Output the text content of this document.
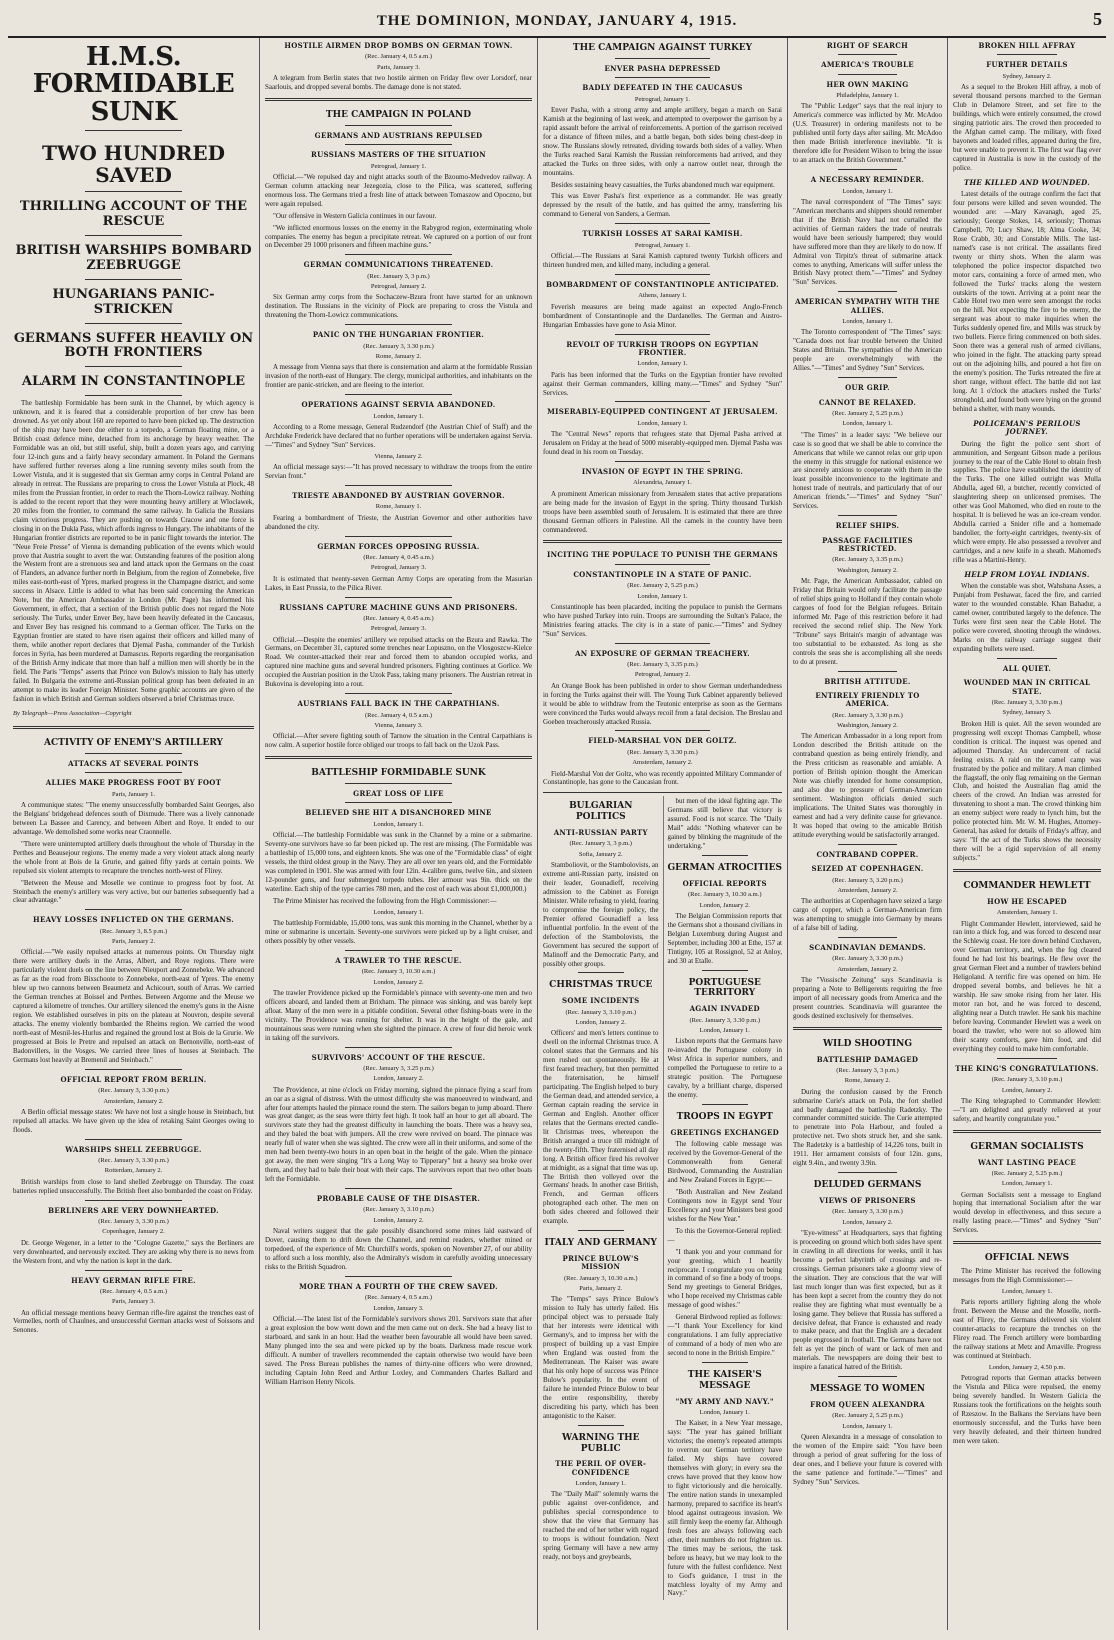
THE DOMINION, MONDAY, JANUARY 4, 1915.	5
H.M.S. FORMIDABLE SUNK
TWO HUNDRED SAVED
THRILLING ACCOUNT OF THE RESCUE
BRITISH WARSHIPS BOMBARD ZEEBRUGGE
HUNGARIANS PANIC-STRICKEN
GERMANS SUFFER HEAVILY ON BOTH FRONTIERS
ALARM IN CONSTANTINOPLE
The battleship Formidable has been sunk in the Channel, by which agency is unknown, and it is feared that a considerable proportion of her crew has been drowned. As yet only about 160 are reported to have been picked up. The destruction of the ship may have been due either to a torpedo, a German floating mine, or a British coast defence mine, detached from its anchorage by heavy weather. The Formidable was an old, but still useful, ship, built a dozen years ago, and carrying four 12-inch guns and a fairly heavy secondary armament. In Poland the Germans have suffered further reverses along a line running seventy miles south from the Lower Vistula, and it is suggested that six German army corps in Central Poland are already in retreat. The Russians are preparing to cross the Lower Vistula at Plock, 48 miles from the Prussian frontier, in order to reach the Thorn-Lowicz railway. Nothing is added to the recent report that they were mounting heavy artillery at Wloclawek, 20 miles from the frontier, to command the same railway. In Galicia the Russians claim victorious progress. They are pushing on towards Cracow and one force is closing in on the Dukla Pass, which affords ingress to Hungary. The inhabitants of the Hungarian frontier districts are reported to be in panic flight towards the interior. The "Neue Freie Presse" of Vienna is demanding publication of the events which would prove that Austria sought to avert the war. Outstanding features of the position along the Western front are a strenuous sea and land attack upon the Germans on the coast of Flanders, an advance further north in Belgium, from the region of Zonnebeke, five miles east-north-east of Ypres, marked progress in the Champagne district, and some success in Alsace. Little is added to what has been said concerning the American Note, but the American Ambassador in London (Mr. Page) has informed his Government, in effect, that a section of the British public does not regard the Note seriously. The Turks, under Enver Bey, have been heavily defeated in the Caucasus, and Enver Bey has resigned his command to a German officer. The Turks on the Egyptian frontier are stated to have risen against their officers and killed many of them, while another report declares that Djemal Pasha, commander of the Turkish forces in Syria, has been murdered at Damascus. Reports regarding the reorganisation of the British Army indicate that more than half a million men will shortly be in the field. The Paris "Temps" asserts that Prince von Bulow's mission to Italy has utterly failed. In Bulgaria the extreme anti-Russian political group has been defeated in an attempt to make its leader Foreign Minister. Some graphic accounts are given of the fashion in which British and German soldiers observed a brief Christmas truce.
By Telegraph—Press Association—Copyright
ACTIVITY OF ENEMY'S ARTILLERY
ATTACKS AT SEVERAL POINTS
ALLIES MAKE PROGRESS FOOT BY FOOT
Paris, January 1.
A communique states: "The enemy unsuccessfully bombarded Saint Georges, also the Belgians' bridgehead defences south of Dixmude. There was a lively cannonade between La Bassee and Carency, and between Albert and Roye. It ended to our advantage. We demolished some works near Craonnelle.
"There were uninterrupted artillery duels throughout the whole of Thursday in the Perthes and Beausejour regions. The enemy made a very violent attack along nearly the whole front at Bois de la Grurie, and gained fifty yards at certain points. We repulsed six violent attempts to recapture the trenches north-west of Flirey.
"Between the Meuse and Moselle we continue to progress foot by foot. At Steinbach the enemy's artillery was very active, but our batteries subsequently had a clear advantage."
HEAVY LOSSES INFLICTED ON THE GERMANS.
(Rec. January 3, 8.5 p.m.)
Paris, January 2.
Official.—"We easily repulsed attacks at numerous points. On Thursday night there were artillery duels in the Arras, Albert, and Roye regions. There were particularly violent duels on the line between Nieuport and Zonnebeke. We advanced as far as the road from Bixschoote to Zonnebeke, north-east of Ypres. The enemy blew up two cannons between Beaumetz and Achicourt, south of Arras. We carried the German trenches at Boissel and Perthes. Between Argonne and the Meuse we captured a kilometre of trenches. Our artillery silenced the enemy's guns in the Aisne region. We established ourselves in pits on the plateau at Nouvron, despite several attacks. The enemy violently bombarded the Rheims region. We carried the wood north-east of Mesnil-les-Hurlus and regained the ground lost at Bois de la Grurie. We progressed at Bois le Pretre and repulsed an attack on Bernonville, north-east of Badonvillers, in the Vosges. We carried three lines of houses at Steinbach. The Germans lost heavily at Bremenil and Steinbach."
OFFICIAL REPORT FROM BERLIN.
(Rec. January 3, 3.30 p.m.)
Amsterdam, January 2.
A Berlin official message states: We have not lost a single house in Steinbach, but repulsed all attacks. We have given up the idea of retaking Saint Georges owing to floods.
WARSHIPS SHELL ZEEBRUGGE.
(Rec. January 3, 3.30 p.m.)
Rotterdam, January 2.
British warships from close to land shelled Zeebrugge on Thursday. The coast batteries replied unsuccessfully. The British fleet also bombarded the coast on Friday.
BERLINERS ARE VERY DOWNHEARTED.
(Rec. January 3, 3.30 p.m.)
Copenhagen, January 2.
Dr. George Wegener, in a letter to the "Cologne Gazette," says the Berliners are very downhearted, and nervously excited. They are asking why there is no news from the Western front, and why the nation is kept in the dark.
HEAVY GERMAN RIFLE FIRE.
(Rec. January 4, 0.5 a.m.)
Paris, January 3.
An official message mentions heavy German rifle-fire against the trenches east of Vermelles, north of Chaulnes, and unsuccessful German attacks west of Soissons and Senones.
HOSTILE AIRMEN DROP BOMBS ON GERMAN TOWN.
(Rec. January 4, 0.5 a.m.)
Paris, January 3.
A telegram from Berlin states that two hostile airmen on Friday flew over Lorsdorf, near Saarlouis, and dropped several bombs. The damage done is not stated.
THE CAMPAIGN IN POLAND
GERMANS AND AUSTRIANS REPULSED
RUSSIANS MASTERS OF THE SITUATION
Petrograd, January 1.
Official.—"We repulsed day and night attacks south of the Bzoumo-Medvedov railway. A German column attacking near Jezegozia, close to the Pilica, was scattered, suffering enormous loss. The Germans tried a fresh line of attack between Tomaszow and Opoczno, but were again repulsed.
"Our offensive in Western Galicia continues in our favour.
"We inflicted enormous losses on the enemy in the Rabygrod region, exterminating whole companies. The enemy has begun a precipitate retreat. We captured on a portion of our front on December 29 1000 prisoners and fifteen machine guns."
GERMAN COMMUNICATIONS THREATENED.
(Rec. January 3, 3 p.m.)
Petrograd, January 2.
Six German army corps from the Sochaczew-Bzura front have started for an unknown destination. The Russians in the vicinity of Plock are preparing to cross the Vistula and threatening the Thorn-Lowicz communications.
PANIC ON THE HUNGARIAN FRONTIER.
(Rec. January 3, 3.30 p.m.)
Rome, January 2.
A message from Vienna says that there is consternation and alarm at the formidable Russian invasion of the north-east of Hungary. The clergy, municipal authorities, and inhabitants on the frontier are panic-stricken, and are fleeing to the interior.
OPERATIONS AGAINST SERVIA ABANDONED.
London, January 1.
According to a Rome message, General Rudzendorf (the Austrian Chief of Staff) and the Archduke Frederick have declared that no further operations will be undertaken against Servia.—"Times" and Sydney "Sun" Services.
Vienna, January 2.
An official message says:—"It has proved necessary to withdraw the troops from the entire Servian front."
TRIESTE ABANDONED BY AUSTRIAN GOVERNOR.
Rome, January 1.
Fearing a bombardment of Trieste, the Austrian Governor and other authorities have abandoned the city.
GERMAN FORCES OPPOSING RUSSIA.
(Rec. January 4, 0.45 a.m.)
Petrograd, January 3.
It is estimated that twenty-seven German Army Corps are operating from the Masurian Lakes, in East Prussia, to the Pilica River.
RUSSIANS CAPTURE MACHINE GUNS AND PRISONERS.
(Rec. January 4, 0.45 a.m.)
Petrograd, January 3.
Official.—Despite the enemies' artillery we repulsed attacks on the Bzura and Rawka. The Germans, on December 31, captured some trenches near Lopuszno, on the Vlosgoszcw-Kielce Road. We counter-attacked their rear and forced them to abandon occupied works, and captured nine machine guns and several hundred prisoners. Fighting continues at Gorlice. We occupied the Austrian position in the Uzok Pass, taking many prisoners. The Austrian retreat in Bukovina is developing into a rout.
AUSTRIANS FALL BACK IN THE CARPATHIANS.
(Rec. January 4, 0.5 a.m.)
Vienna, January 3.
Official.—After severe fighting south of Tarnow the situation in the Central Carpathians is now calm. A superior hostile force obliged our troops to fall back on the Uzok Pass.
BATTLESHIP FORMIDABLE SUNK
GREAT LOSS OF LIFE
BELIEVED SHE HIT A DISANCHORED MINE
London, January 1.
Official.—The battleship Formidable was sunk in the Channel by a mine or a submarine. Seventy-one survivors have so far been picked up. The rest are missing. (The Formidable was a battleship of 15,000 tons, and eighteen knots. She was one of the "Formidable class" of eight vessels, the third oldest group in the Navy. They are all over ten years old, and the Formidable was completed in 1901. She was armed with four 12in. 4-calibre guns, twelve 6in., and sixteen 12-pounder guns, and four submerged torpedo tubes. Her armour was 9in. thick on the waterline. Each ship of the type carries 780 men, and the cost of each was about £1,000,000.)
The Prime Minister has received the following from the High Commissioner:—
London, January 1.
The battleship Formidable, 15,000 tons, was sunk this morning in the Channel, whether by a mine or submarine is uncertain. Seventy-one survivors were picked up by a light cruiser, and others possibly by other vessels.
A TRAWLER TO THE RESCUE.
(Rec. January 3, 10.30 a.m.)
London, January 2.
The trawler Providence picked up the Formidable's pinnace with seventy-one men and two officers aboard, and landed them at Brixham. The pinnace was sinking, and was barely kept afloat. Many of the men were in a pitiable condition. Several other fishing-boats were in the vicinity. The Providence was running for shelter. It was in the height of the gale, and mountainous seas were running when she sighted the pinnace. A crew of four did heroic work in taking off the survivors.
SURVIVORS' ACCOUNT OF THE RESCUE.
(Rec. January 3, 3.25 p.m.)
London, January 2.
The Providence, at nine o'clock on Friday morning, sighted the pinnace flying a scarf from an oar as a signal of distress. With the utmost difficulty she was manoeuvred to windward, and after four attempts hauled the pinnace round the stern. The sailors began to jump aboard. There was great danger, as the seas were thirty feet high. It took half an hour to get all aboard. The survivors state they had the greatest difficulty in launching the boats. There was a heavy sea, and they baled the boat with jumpers. All the crew were revived on board. The pinnace was nearly full of water when she was sighted. The crew were all in their uniforms, and some of the men had been twenty-two hours in an open boat in the height of the gale. When the pinnace got away, the men were singing "It's a Long Way to Tipperary" but a heavy sea broke over them, and they had to bale their boat with their caps. The survivors report that two other boats left the Formidable.
PROBABLE CAUSE OF THE DISASTER.
(Rec. January 3, 3.10 p.m.)
London, January 2.
Naval writers suggest that the gale possibly disanchored some mines laid eastward of Dover, causing them to drift down the Channel, and remind readers, whether mined or torpedoed, of the experience of Mr. Churchill's words, spoken on November 27, of our ability to afford such a loss monthly, also the Admiralty's wisdom in carefully avoiding unnecessary risks to the British Squadron.
MORE THAN A FOURTH OF THE CREW SAVED.
(Rec. January 4, 0.5 a.m.)
London, January 3.
Official.—The latest list of the Formidable's survivors shows 201. Survivors state that after a great explosion the bow went down and the men came out on deck. She had a heavy list to starboard, and sank in an hour. Had the weather been favourable all would have been saved. Many plunged into the sea and were picked up by the boats. Darkness made rescue work difficult. A number of travellers recommended the captain otherwise two would have been saved. The Press Bureau publishes the names of thirty-nine officers who were drowned, including Captain John Reed and Arthur Loxley, and Commanders Charles Ballard and William Harrison Henry Nicols.
THE CAMPAIGN AGAINST TURKEY
ENVER PASHA DEPRESSED
BADLY DEFEATED IN THE CAUCASUS
Petrograd, January 1.
Enver Pasha, with a strong army and ample artillery, began a march on Sarai Kamish at the beginning of last week, and attempted to overpower the garrison by a rapid assault before the arrival of reinforcements. A portion of the garrison received for a distance of fifteen miles, and a battle began, both sides being chest-deep in snow. The Russians slowly retreated, dividing towards both sides of a valley. When the Turks reached Sarai Kamish the Russian reinforcements had arrived, and they attacked the Turks on three sides, with only a narrow outlet near, through the mountains.
Besides sustaining heavy casualties, the Turks abandoned much war equipment.
This was Enver Pasha's first experience as a commander. He was greatly depressed by the result of the battle, and has quitted the army, transferring his command to General von Sanders, a German.
TURKISH LOSSES AT SARAI KAMISH.
Petrograd, January 1.
Official.—The Russians at Sarai Kamish captured twenty Turkish officers and thirteen hundred men, and killed many, including a general.
BOMBARDMENT OF CONSTANTINOPLE ANTICIPATED.
Athens, January 1.
Feverish measures are being made against an expected Anglo-French bombardment of Constantinople and the Dardanelles. The German and Austro-Hungarian Embassies have gone to Asia Minor.
REVOLT OF TURKISH TROOPS ON EGYPTIAN FRONTIER.
London, January 1.
Paris has been informed that the Turks on the Egyptian frontier have revolted against their German commanders, killing many.—"Times" and Sydney "Sun" Services.
MISERABLY-EQUIPPED CONTINGENT AT JERUSALEM.
London, January 1.
The "Central News" reports that refugees state that Djemal Pasha arrived at Jerusalem on Friday at the head of 5000 miserably-equipped men. Djemal Pasha was found dead in his room on Tuesday.
INVASION OF EGYPT IN THE SPRING.
Alexandria, January 1.
A prominent American missionary from Jerusalem states that active preparations are being made for the invasion of Egypt in the spring. Thirty thousand Turkish troops have been assembled south of Jerusalem. It is estimated that there are three thousand German officers in Palestine. All the camels in the country have been commandeered.
INCITING THE POPULACE TO PUNISH THE GERMANS
CONSTANTINOPLE IN A STATE OF PANIC.
(Rec. January 2, 5.25 p.m.)
London, January 1.
Constantinople has been placarded, inciting the populace to punish the Germans who have pushed Turkey into ruin. Troops are surrounding the Sultan's Palace, the Ministries fearing attacks. The city is in a state of panic.—"Times" and Sydney "Sun" Services.
AN EXPOSURE OF GERMAN TREACHERY.
(Rec. January 3, 3.35 p.m.)
Petrograd, January 2.
An Orange Book has been published in order to show German underhandedness in forcing the Turks against their will. The Young Turk Cabinet apparently believed it would be able to withdraw from the Teutonic enterprise as soon as the Germans were convinced the Turks would always recoil from a fatal decision. The Breslau and Goeben treacherously attacked Russia.
FIELD-MARSHAL VON DER GOLTZ.
(Rec. January 3, 3.30 p.m.)
Amsterdam, January 2.
Field-Marshal Von der Goltz, who was recently appointed Military Commander of Constantinople, has gone to the Caucasian front.
BULGARIAN POLITICS
ANTI-RUSSIAN PARTY
(Rec. January 3, 3 p.m.)
Sofia, January 2.
Stamboliovit, or the Stambolovists, an extreme anti-Russian party, insisted on their leader, Gounadieff, receiving admission to the Cabinet as Foreign Minister. While refusing to yield, fearing to compromise the foreign policy, the Premier offered Gounadieff a less influential portfolio. In the event of the defection of the Stambolovists, the Government has secured the support of Malinoff and the Democratic Party, and possibly other groups.
CHRISTMAS TRUCE
SOME INCIDENTS
(Rec. January 3, 3.10 p.m.)
London, January 2.
Officers' and men's letters continue to dwell on the informal Christmas truce. A colonel states that the Germans and his men rushed out spontaneously. He at first feared treachery, but then permitted the fraternisation, he himself participating. The English helped to bury the German dead, and attended service, a German captain reading the service in German and English. Another officer relates that the Germans erected candle-lit Christmas trees, whereupon the British arranged a truce till midnight of the twenty-fifth. They fraternised all day long. A British officer fired his revolver at midnight, as a signal that time was up. The British then volleyed over the Germans' heads. In another case British, French, and German officers photographed each other. The men on both sides cheered and followed their example.
ITALY AND GERMANY
PRINCE BULOW'S MISSION
(Rec. January 3, 10.30 a.m.)
Paris, January 2.
The "Temps" says Prince Bulow's mission to Italy has utterly failed. His principal object was to persuade Italy that her interests were identical with Germany's, and to impress her with the prospect of building up a vast Empire when England was ousted from the Mediterranean. The Kaiser was aware that his only hope of success was Prince Bulow's popularity. In the event of failure he intended Prince Bulow to bear the entire responsibility, thereby discrediting his party, which has been antagonistic to the Kaiser.
WARNING THE PUBLIC
THE PERIL OF OVER-CONFIDENCE
London, January 1.
The "Daily Mail" solemnly warns the public against over-confidence, and publishes special correspondence to show that the view that Germany has reached the end of her tether with regard to troops is without foundation. Next spring Germany will have a new army ready, not boys and greybeards,
but men of the ideal fighting age. The Germans still believe that victory is assured. Food is not scarce. The "Daily Mail" adds: "Nothing whatever can be gained by blinking the magnitude of the undertaking."
GERMAN ATROCITIES
OFFICIAL REPORTS
(Rec. January 3, 10.30 a.m.)
London, January 2.
The Belgian Commission reports that the Germans shot a thousand civilians in Belgian Luxemburg during August and September, including 300 at Ethe, 157 at Tintigny, 105 at Rossignol, 52 at Anloy, and 30 at Etalle.
PORTUGUESE TERRITORY
AGAIN INVADED
(Rec. January 3, 3.30 p.m.)
London, January 1.
Lisbon reports that the Germans have re-invaded the Portuguese colony in West Africa in superior numbers, and compelled the Portuguese to retire to a strategic position. The Portuguese cavalry, by a brilliant charge, dispersed the enemy.
TROOPS IN EGYPT
GREETINGS EXCHANGED
The following cable message was received by the Governor-General of the Commonwealth from General Birdwood, Commanding the Australian and New Zealand Forces in Egypt:—
"Both Australian and New Zealand Contingents now in Egypt send Your Excellency and your Ministers best good wishes for the New Year."
To this the Governor-General replied:—
"I thank you and your command for your greeting, which I heartily reciprocate. I congratulate you on being in command of so fine a body of troops. Send my greetings to General Bridges, who I hope received my Christmas cable message of good wishes."
General Birdwood replied as follows:—"I thank Your Excellency for kind congratulations. I am fully appreciative of command of a body of men who are second to none in the British Empire."
THE KAISER'S MESSAGE
"MY ARMY AND NAVY."
London, January 1.
The Kaiser, in a New Year message, says: "The year has gained brilliant victories; the enemy's repeated attempts to overrun our German territory have failed. My ships have covered themselves with glory; in every sea the crews have proved that they know how to fight victoriously and die heroically. The entire nation stands in unexampled harmony, prepared to sacrifice its heart's blood against outrageous invasion. We still firmly keep the enemy far. Although fresh foes are always following each other, their numbers do not frighten us. The times may be serious, the task before us heavy, but we may look to the future with the fullest confidence. Next to God's guidance, I trust in the matchless loyalty of my Army and Navy."
RIGHT OF SEARCH
AMERICA'S TROUBLE
HER OWN MAKING
Philadelphia, January 1.
The "Public Ledger" says that the real injury to America's commerce was inflicted by Mr. McAdoo (U.S. Treasurer) in ordering manifests not to be published until forty days after sailing. Mr. McAdoo then made British interference inevitable. "It is therefore idle for President Wilson to bring the issue to an attack on the British Government."
A NECESSARY REMINDER.
London, January 1.
The naval correspondent of "The Times" says: "American merchants and shippers should remember that if the British Navy had not curtailed the activities of German raiders the trade of neutrals would have been seriously hampered; they would have suffered more than they are likely to do now. If Admiral von Tirpitz's threat of submarine attack comes to anything, Americans will suffer unless the British Navy protect them."—"Times" and Sydney "Sun" Services.
AMERICAN SYMPATHY WITH THE ALLIES.
London, January 1.
The Toronto correspondent of "The Times" says: "Canada does not fear trouble between the United States and Britain. The sympathies of the American people are overwhelmingly with the Allies."—"Times" and Sydney "Sun" Services.
OUR GRIP.
CANNOT BE RELAXED.
(Rec. January 2, 5.25 p.m.)
London, January 1.
"The Times" in a leader says: "We believe our case is so good that we shall be able to convince the Americans that while we cannot relax our grip upon the enemy in this struggle for national existence we are sincerely anxious to cooperate with them in the least possible inconvenience to the legitimate and honest trade of neutrals, and particularly that of our American friends."—"Times" and Sydney "Sun" Services.
RELIEF SHIPS.
PASSAGE FACILITIES RESTRICTED.
(Rec. January 3, 3.35 p.m.)
Washington, January 2.
Mr. Page, the American Ambassador, cabled on Friday that Britain would only facilitate the passage of relief ships going to Holland if they contain whole cargoes of food for the Belgian refugees. Britain informed Mr. Page of this restriction before it had received the second relief ship. The New York "Tribune" says Britain's margin of advantage was too substantial to be exhausted. As long as she controls the seas she is accomplishing all she needs to do at present.
BRITISH ATTITUDE.
ENTIRELY FRIENDLY TO AMERICA.
(Rec. January 3, 3.30 p.m.)
Washington, January 2.
The American Ambassador in a long report from London described the British attitude on the contraband question as being entirely friendly, and the Press criticism as reasonable and amiable. A portion of British opinion thought the American Note was chiefly intended for home consumption, and also due to pressure of German-American sentiment. Washington officials denied such implications. The United States was thoroughly in earnest and had a very definite cause for grievance. It was hoped that owing to the amicable British attitude everything would be satisfactorily arranged.
CONTRABAND COPPER.
SEIZED AT COPENHAGEN.
(Rec. January 3, 3.20 p.m.)
Amsterdam, January 2.
The authorities at Copenhagen have seized a large cargo of copper, which a German-American firm was attempting to smuggle into Germany by means of a false bill of lading.
SCANDINAVIAN DEMANDS.
(Rec. January 3, 3.30 p.m.)
Amsterdam, January 2.
The "Vossische Zeitung" says Scandinavia is preparing a Note to Belligerents requiring the free import of all necessary goods from America and the present countries. Scandinavia will guarantee the goods destined exclusively for themselves.
WILD SHOOTING
BATTLESHIP DAMAGED
(Rec. January 3, 3 p.m.)
Rome, January 2.
During the confusion caused by the French submarine Curie's attack on Pola, the fort shelled and badly damaged the battleship Radetzky. The commander committed suicide. The Curie attempted to penetrate into Pola Harbour, and fouled a protective net. Two shots struck her, and she sank. The Radetzky is a battleship of 14,226 tons, built in 1911. Her armament consists of four 12in. guns, eight 9.4in., and twenty 3.9in.
DELUDED GERMANS
VIEWS OF PRISONERS
(Rec. January 3, 3.30 p.m.)
London, January 2.
"Eye-witness" at Headquarters, says that fighting is proceeding on ground which both sides have spent in crawling in all directions for weeks, until it has become a perfect labyrinth of crossings and re-crossings. German prisoners take a gloomy view of the situation. They are conscious that the war will last much longer than was first expected, but as it has been kept a secret from the country they do not realise they are fighting what must eventually be a losing game. They believe that Russia has suffered a decisive defeat, that France is exhausted and ready to make peace, and that the English are a decadent people engrossed in football. The Germans have not felt as yet the pinch of want or lack of men and materials. The newspapers are doing their best to inspire a fanatical hatred of the British.
MESSAGE TO WOMEN
FROM QUEEN ALEXANDRA
(Rec. January 2, 5.25 p.m.)
London, January 1.
Queen Alexandra in a message of consolation to the women of the Empire said: "You have been through a period of great suffering for the loss of dear ones, and I believe your future is covered with the same patience and fortitude."—"Times" and Sydney "Sun" Services.
BROKEN HILL AFFRAY
FURTHER DETAILS
Sydney, January 2.
As a sequel to the Broken Hill affray, a mob of several thousand persons marched to the German Club in Delamore Street, and set fire to the buildings, which were entirely consumed, the crowd singing patriotic airs. The crowd then proceeded to the Afghan camel camp. The military, with fixed bayonets and loaded rifles, appeared during the fire, but were unable to prevent it. The first war flag ever captured in Australia is now in the custody of the police.
THE KILLED AND WOUNDED.
Latest details of the outrage confirm the fact that four persons were killed and seven wounded. The wounded are: —Mary Kavanagh, aged 25, seriously; George Stokes, 14, seriously; Thomas Campbell, 70; Lucy Shaw, 18; Alma Cooke, 34; Rose Crabb, 30; and Constable Mills. The last-named's case is not critical. The assailants fired twenty or thirty shots. When the alarm was telephoned the police inspector dispatched two motor cars, containing a force of armed men, who followed the Turks' tracks along the western outskirts of the town. Arriving at a point near the Cable Hotel two men were seen amongst the rocks on the hill. Not expecting the fire to be enemy, the sergeant was about to make inquiries when the Turks suddenly opened fire, and Mills was struck by two bullets. Fierce firing commenced on both sides. Soon there was a general rush of armed civilians, who joined in the fight. The attacking party spread out on the adjoining hills, and poured a hot fire on the enemy's position. The Turks retreated the fire at short range, without effect. The battle did not last long. At 1 o'clock the attackers rushed the Turks' stronghold, and found both were lying on the ground behind a shelter, with many wounds.
POLICEMAN'S PERILOUS JOURNEY.
During the fight the police sent short of ammunition, and Sergeant Gibson made a perilous journey to the rear of the Cable Hotel to obtain fresh supplies. The police have established the identity of the Turks. The one killed outright was Mulla Abdulla, aged 60, a butcher, recently convicted of slaughtering sheep on unlicensed premises. The other was Gool Mahomed, who died en route to the hospital. It is believed he was an ice-cream vendor. Abdulla carried a Snider rifle and a homemade bandolier, the forty-eight cartridges, twenty-six of which were empty. He also possessed a revolver and cartridges, and a new knife in a sheath. Mahomed's rifle was a Martini-Henry.
HELP FROM LOYAL INDIANS.
When the constable was shot, Wahsbana Asses, a Punjabi from Peshawar, faced the fire, and carried water to the wounded constable. Khan Bahadur, a camel owner, contributed largely to the defence. The Turks were first seen near the Cable Hotel. The police were covered, shooting through the windows. Marks on the railway carriage suggest their expanding bullets were used.
ALL QUIET.
WOUNDED MAN IN CRITICAL STATE.
(Rec. January 3, 3.30 p.m.)
Sydney, January 3.
Broken Hill is quiet. All the seven wounded are progressing well except Thomas Campbell, whose condition is critical. The inquest was opened and adjourned Thursday. An undercurrent of racial feeling exists. A raid on the camel camp was frustrated by the police and military. A man climbed the flagstaff, the only flag remaining on the German Club, and hoisted the Australian flag amid the cheers of the crowd. An Indian was arrested for threatening to shoot a man. The crowd thinking him an enemy subject were ready to lynch him, but the police protected him. Mr. W. M. Hughes, Attorney-General, has asked for details of Friday's affray, and says: "If the act of the Turks shows the necessity there will be a rigid supervision of all enemy subjects."
COMMANDER HEWLETT
HOW HE ESCAPED
Amsterdam, January 1.
Flight Commander Hewlett, interviewed, said he ran into a thick fog, and was forced to descend near the Schlewig coast. He tore down behind Cuxhaven, over German territory, and, when the fog cleared found he had lost his bearings. He flew over the great German Fleet and a number of trawlers behind Heligoland. A terrific fire was opened on him. He dropped several bombs, and believes he hit a warship. He saw smoke rising from her later. His motor ran hot, and he was forced to descend, alighting near a Dutch trawler. He sank his machine before leaving. Commander Hewlett was a week on board the trawler, who were not so allowed him their scanty comforts, gave him food, and did everything they could to make him comfortable.
THE KING'S CONGRATULATIONS.
(Rec. January 3, 3.10 p.m.)
London, January 2.
The King telegraphed to Commander Hewlett:—"I am delighted and greatly relieved at your safety, and heartily congratulate you."
GERMAN SOCIALISTS
WANT LASTING PEACE
(Rec. January 2, 5.25 p.m.)
London, January 1.
German Socialists sent a message to England hoping that international Socialism after the war would develop in effectiveness, and thus secure a really lasting peace.—"Times" and Sydney "Sun" Services.
OFFICIAL NEWS
The Prime Minister has received the following messages from the High Commissioner:—
London, January 1.
Paris reports artillery fighting along the whole front. Between the Meuse and the Moselle, north-east of Flirey, the Germans delivered six violent counter-attacks to recapture the trenches on the Flirey road. The French artillery were bombarding the railway stations at Metz and Arnaville. Progress was continued at Steinbach.
London, January 2, 4.50 p.m.
Petrograd reports that German attacks between the Vistula and Pilica were repulsed, the enemy being severely handled. In Western Galicia the Russians took the fortifications on the heights south of Rzeszow. In the Balkans the Servians have been enormously successful, and the Turks have been very heavily defeated, and their thirteen hundred men were taken.
